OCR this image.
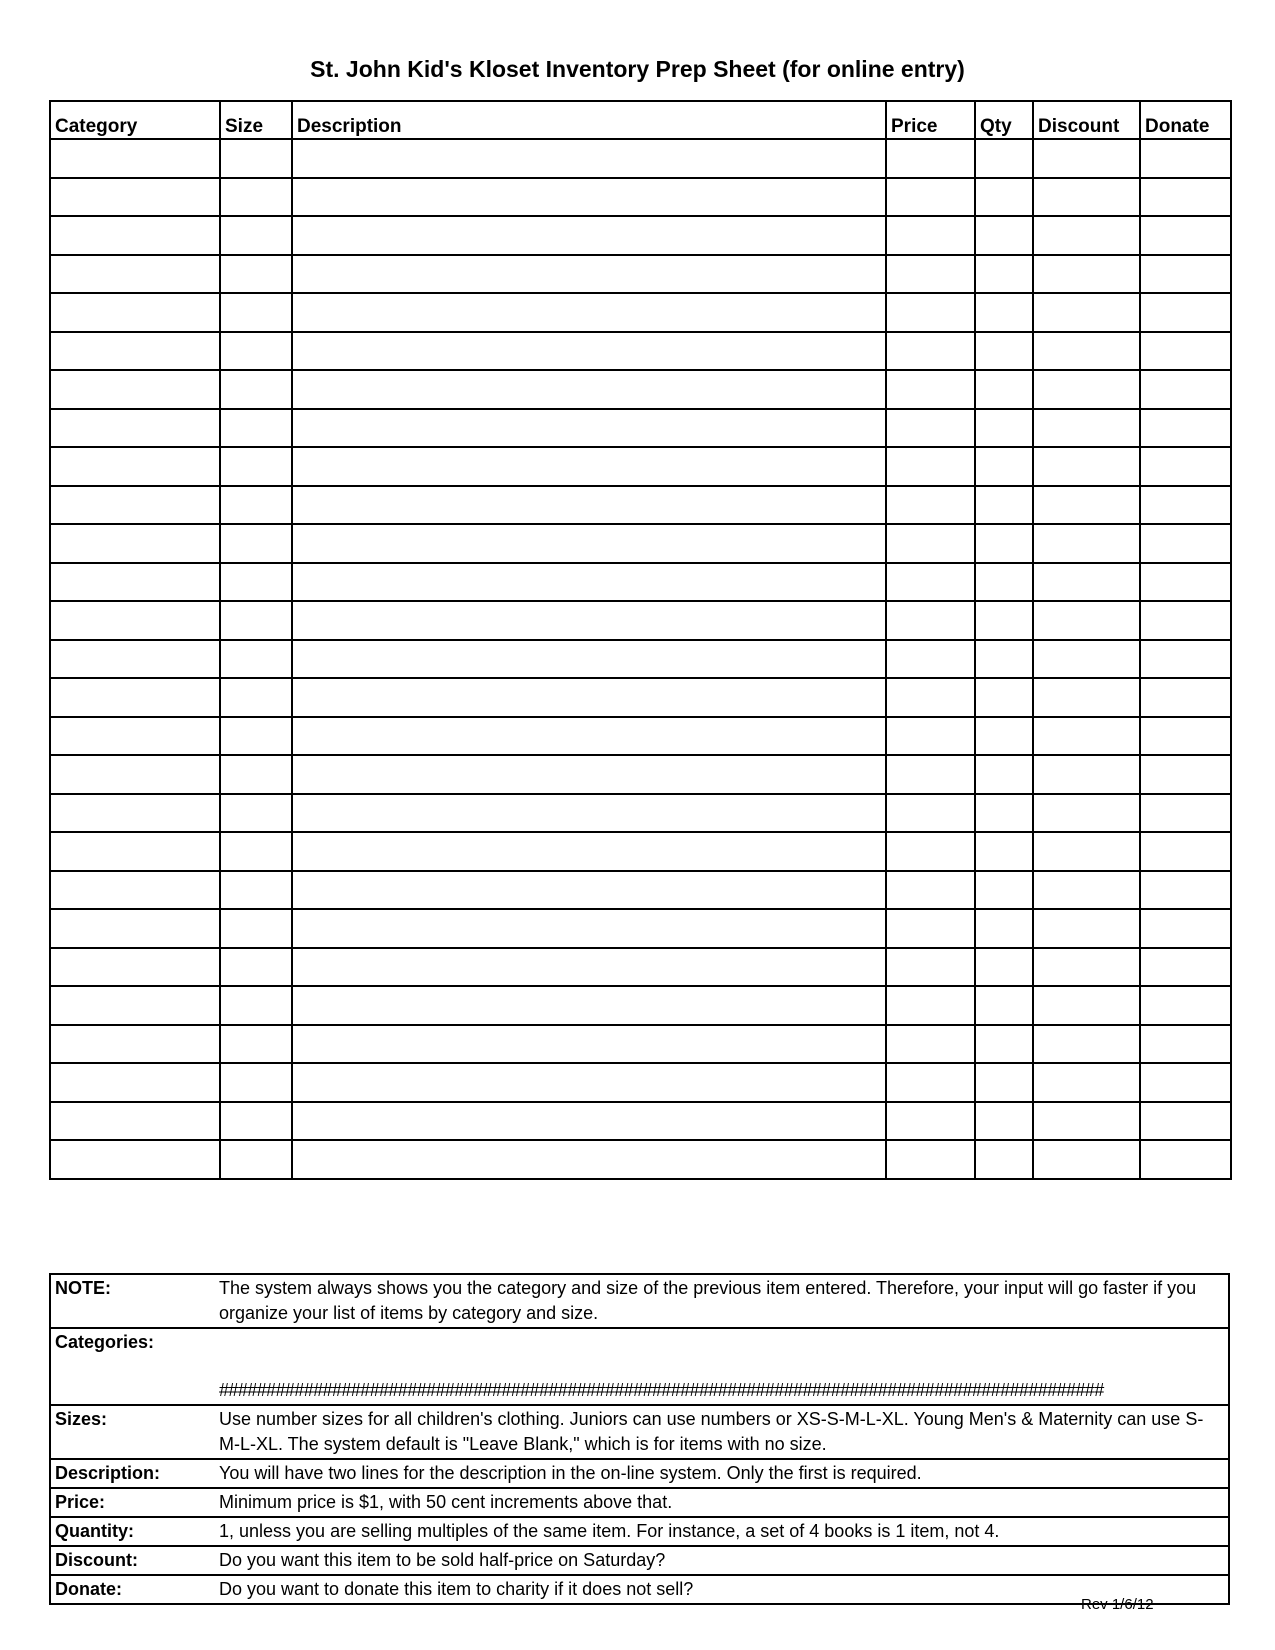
St. John Kid's Kloset Inventory Prep Sheet (for online entry)
Category	Size	Description	Price	Qty	Discount	Donate

NOTE:	The system always shows you the category and size of the previous item entered. Therefore, your input will go faster if you organize your list of items by category and size.
Categories:	##############################################################################################

Sizes:	Use number sizes for all children's clothing. Juniors can use numbers or XS-S-M-L-XL. Young Men's & Maternity can use S-M-L-XL. The system default is "Leave Blank," which is for items with no size.
Description:	You will have two lines for the description in the on-line system. Only the first is required.
Price:	Minimum price is $1, with 50 cent increments above that.
Quantity:	1, unless you are selling multiples of the same item. For instance, a set of 4 books is 1 item, not 4.
Discount:	Do you want this item to be sold half-price on Saturday?
Donate:	Do you want to donate this item to charity if it does not sell?
Rev 1/6/12
